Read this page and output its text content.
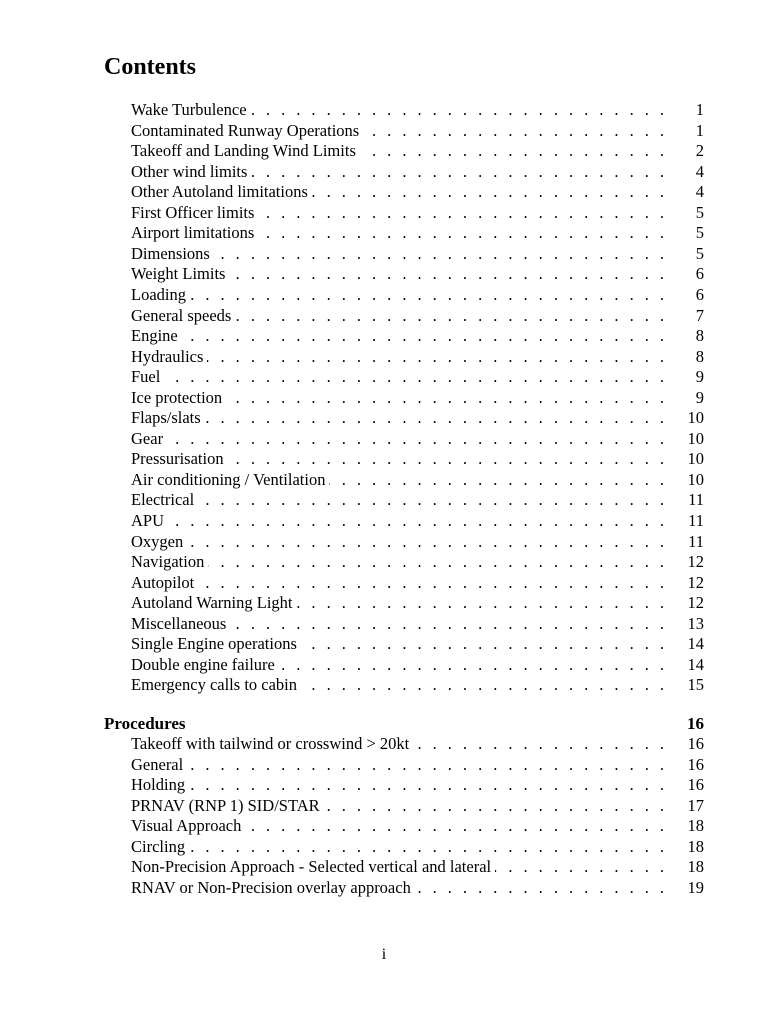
Contents
. . .
Wake Turbulence	1
. . .
Contaminated Runway Operations	1
. . .
Takeoff and Landing Wind Limits	2
. . .
Other wind limits	4
. . .
Other Autoland limitations	4
. . .
First Officer limits	5
. . .
Airport limitations	5
. . .
Dimensions	5
. . .
Weight Limits	6
. . .
Loading	6
. . .
General speeds	7
. . .
Engine	8
. . .
Hydraulics	8
. . .
Fuel	9
. . .
Ice protection	9
. . .
Flaps/slats	10
. . .
Gear	10
. . .
Pressurisation	10
. . .
Air conditioning / Ventilation	10
. . .
Electrical	11
. . .
APU	11
. . .
Oxygen	11
. . .
Navigation	12
. . .
Autopilot	12
. . .
Autoland Warning Light	12
. . .
Miscellaneous	13
. . .
Single Engine operations	14
. . .
Double engine failure	14
. . .
Emergency calls to cabin	15
Procedures	16
. . .
Takeoff with tailwind or crosswind > 20kt	16
. . .
General	16
. . .
Holding	16
. . .
PRNAV (RNP 1) SID/STAR	17
. . .
Visual Approach	18
. . .
Circling	18
. . .
Non-Precision Approach - Selected vertical and lateral	18
. . .
RNAV or Non-Precision overlay approach	19
i
